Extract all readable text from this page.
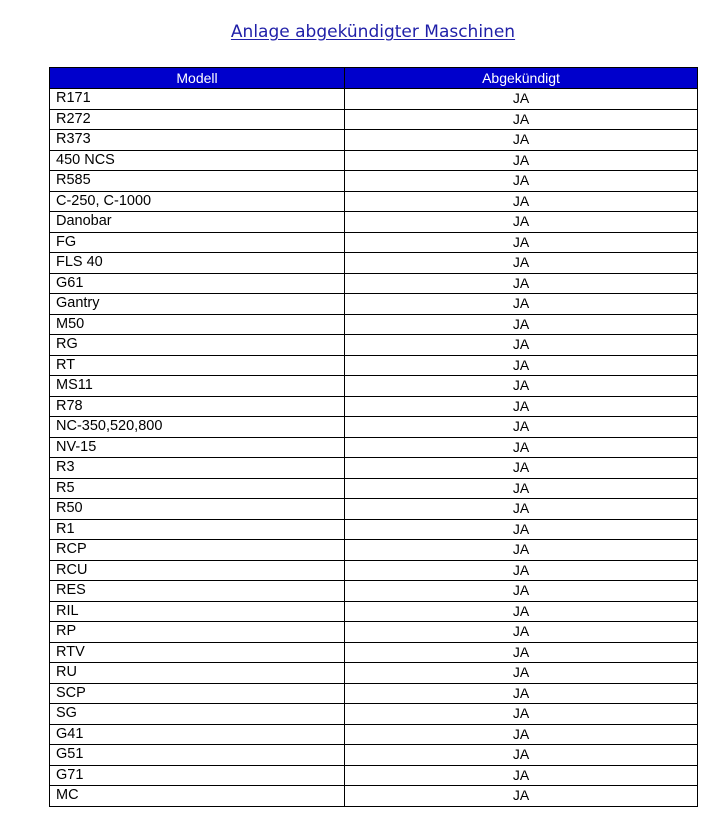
Anlage abgekündigter Maschinen
Modell	Abgekündigt
R171	JA
R272	JA
R373	JA
450 NCS	JA
R585	JA
C-250, C-1000	JA
Danobar	JA
FG	JA
FLS 40	JA
G61	JA
Gantry	JA
M50	JA
RG	JA
RT	JA
MS11	JA
R78	JA
NC-350,520,800	JA
NV-15	JA
R3	JA
R5	JA
R50	JA
R1	JA
RCP	JA
RCU	JA
RES	JA
RIL	JA
RP	JA
RTV	JA
RU	JA
SCP	JA
SG	JA
G41	JA
G51	JA
G71	JA
MC	JA
